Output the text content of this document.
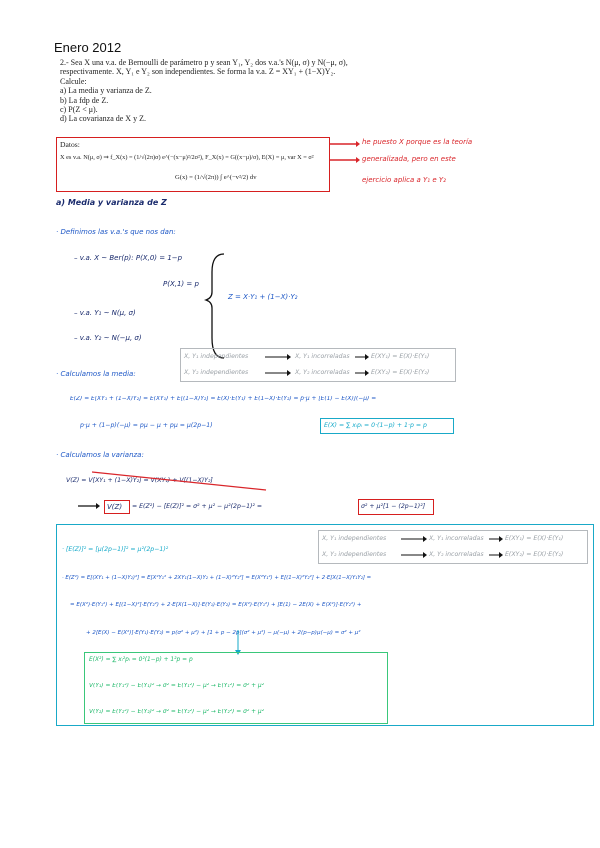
Enero 2012
2.- Sea X una v.a. de Bernoulli de parámetro p y sean Y₁, Y₂ dos v.a.'s N(μ, σ) y N(−μ, σ),
respectivamente. X, Y₁ e Y₂ son independientes. Se forma la v.a. Z = XY₁ + (1−X)Y₂.
Calcule:
a) La media y varianza de Z.
b) La fdp de Z.
c) P(Z < μ).
d) La covarianza de X y Z.
Datos:
X es v.a. N(μ, σ) ⇒ f_X(x) = (1/√(2π)σ) e^(−(x−μ)²/2σ²), F_X(x) = G((x−μ)/σ), E(X) = μ, var X = σ²
G(x) = (1/√(2π)) ∫ e^(−v²/2) dv
he puesto X porque es la teoría
generalizada, pero en este
ejercicio aplica a Y₁ e Y₂
a) Media y varianza de Z
· Definimos las v.a.'s que nos dan:
– v.a. X ~ Ber(p): P(X,0) = 1−p
P(X,1) = p
– v.a. Y₁ ~ N(μ, σ)
– v.a. Y₂ ~ N(−μ, σ)
Z = X·Y₁ + (1−X)·Y₂
X, Y₁ independientes	X, Y₁ incorreladas	E(XY₁) = E(X)·E(Y₁)
X, Y₂ independientes	X, Y₂ incorreladas	E(XY₂) = E(X)·E(Y₂)
· Calculamos la media:
E(Z) = E[XY₁ + (1−X)Y₂] = E(XY₁) + E[(1−X)Y₂] = E(X)·E(Y₁) + E(1−X)·E(Y₂) = p·μ + [E(1) − E(X)](−μ) =
p·μ + (1−p)(−μ) = pμ − μ + pμ = μ(2p−1)	E(X) = ∑ xᵢpᵢ = 0·(1−p) + 1·p = p
· Calculamos la varianza:
V(Z) = V[XY₁ + (1−X)Y₂] = V(XY₁) + V[(1−X)Y₂]
V(Z)	= E(Z²) − [E(Z)]² = σ² + μ² − μ²(2p−1)² =	σ² + μ²[1 − (2p−1)²]
X, Y₁ independientes	X, Y₁ incorreladas	E(XY₁) = E(X)·E(Y₁)
X, Y₂ independientes	X, Y₂ incorreladas	E(XY₂) = E(X)·E(Y₂)
· [E(Z)]² = [μ(2p−1)]² = μ²(2p−1)²
· E(Z²) = E[(XY₁ + (1−X)Y₂)²] = E[X²Y₁² + 2XY₁(1−X)Y₂ + (1−X)²Y₂²] = E(X²Y₁²) + E[(1−X)²Y₂²] + 2·E[X(1−X)Y₁Y₂] =
= E(X²)·E(Y₁²) + E[(1−X)²]·E(Y₂²) + 2·E[X(1−X)]·E(Y₁)·E(Y₂) = E(X²)·E(Y₁²) + [E(1) − 2E(X) + E(X²)]·E(Y₂²) +
+ 2[E(X) − E(X²)]·E(Y₁)·E(Y₂) = p(σ² + μ²) + [1 + p − 2p](σ² + μ²) − μ(−μ) + 2(p−p)μ(−μ) = σ² + μ²
E(X²) = ∑ xᵢ²pᵢ = 0²(1−p) + 1²p = p
V(Y₁) = E(Y₁²) − E(Y₁)² → σ² = E(Y₁²) − μ² → E(Y₁²) = σ² + μ²
V(Y₂) = E(Y₂²) − E(Y₂)² → σ² = E(Y₂²) − μ² → E(Y₂²) = σ² + μ²
